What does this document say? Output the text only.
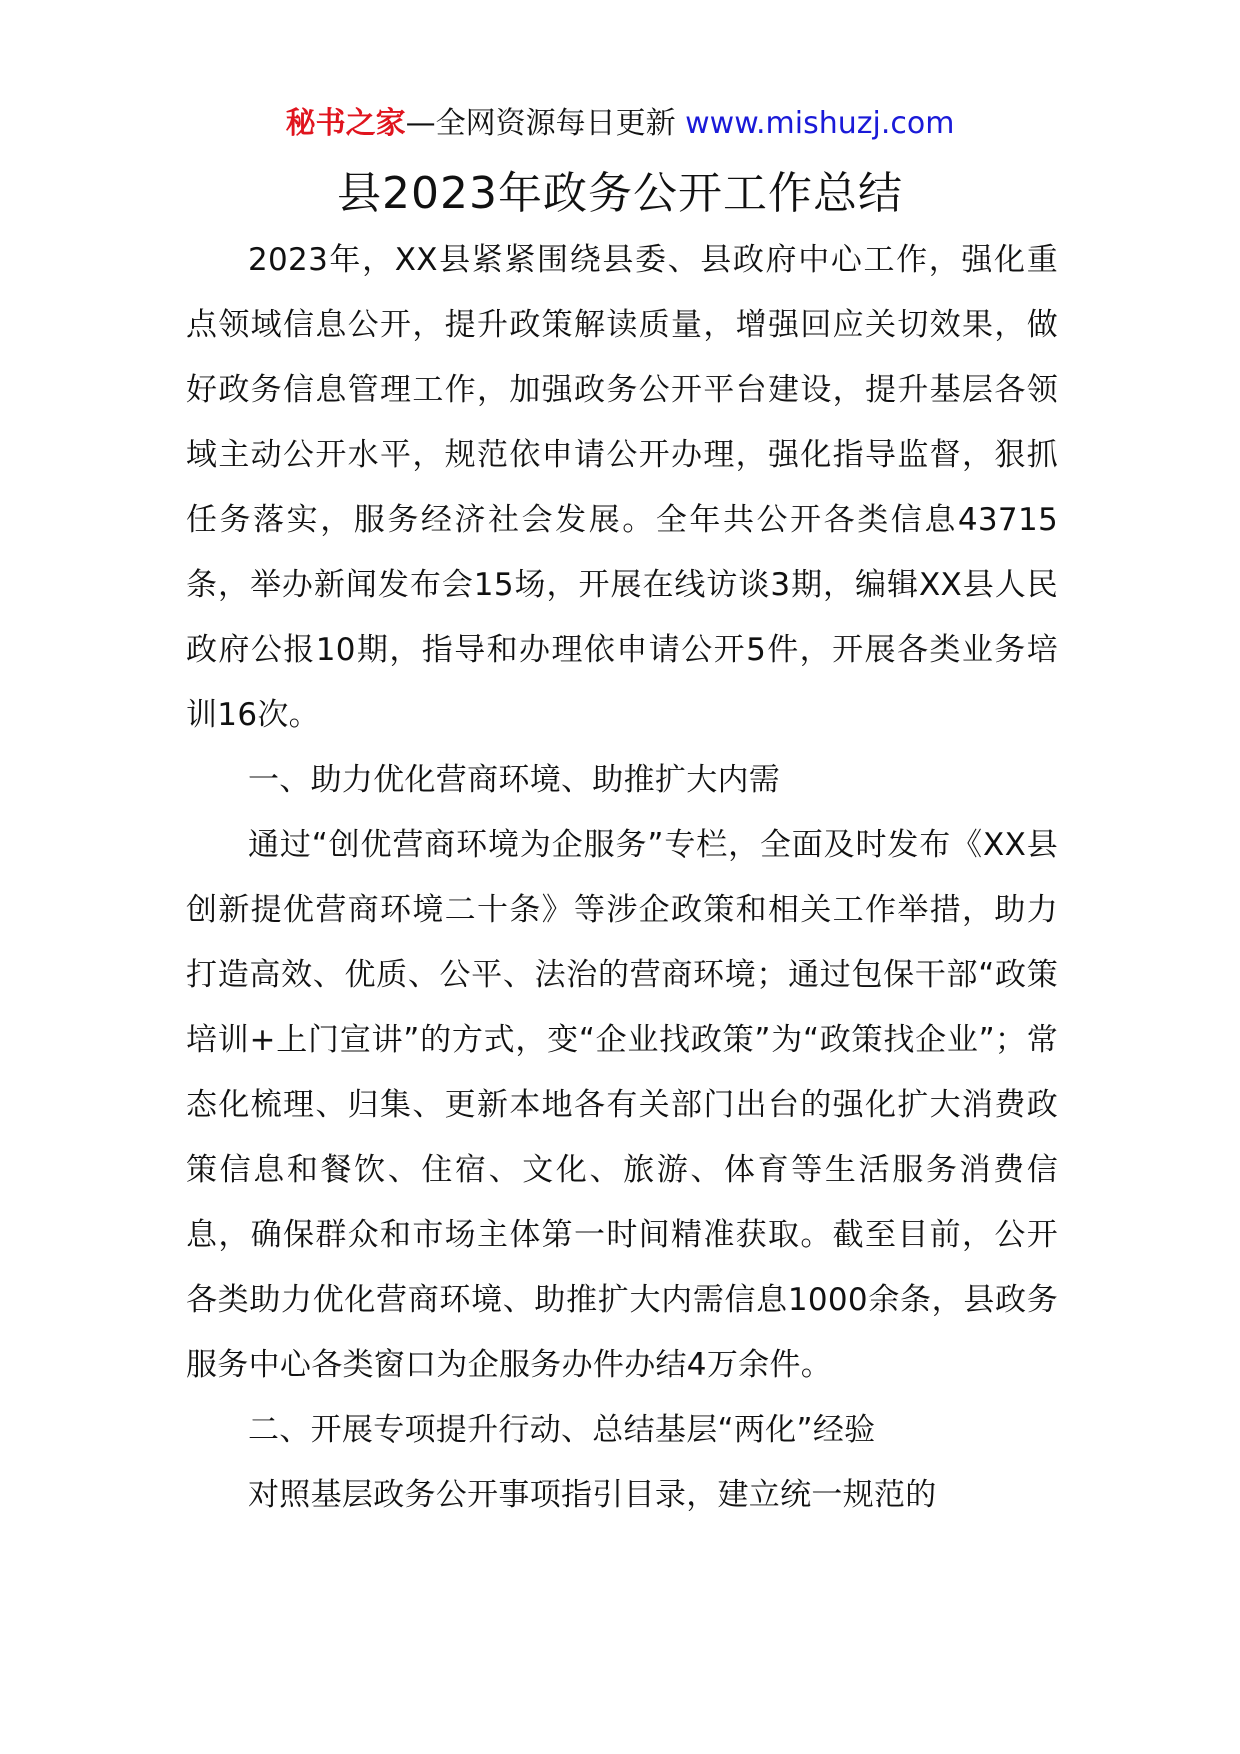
秘书之家—全网资源每日更新 www.mishuzj.com
县2023年政务公开工作总结

2023年，XX县紧紧围绕县委、县政府中心工作，强化重点领域信息公开，提升政策解读质量，增强回应关切效果，做好政务信息管理工作，加强政务公开平台建设，提升基层各领域主动公开水平，规范依申请公开办理，强化指导监督，狠抓任务落实，服务经济社会发展。全年共公开各类信息43715条，举办新闻发布会15场，开展在线访谈3期，编辑XX县人民政府公报10期，指导和办理依申请公开5件，开展各类业务培训16次。

一、助力优化营商环境、助推扩大内需

通过“创优营商环境为企服务”专栏，全面及时发布《XX县创新提优营商环境二十条》等涉企政策和相关工作举措，助力打造高效、优质、公平、法治的营商环境；通过包保干部“政策培训+上门宣讲”的方式，变“企业找政策”为“政策找企业”；常态化梳理、归集、更新本地各有关部门出台的强化扩大消费政策信息和餐饮、住宿、文化、旅游、体育等生活服务消费信息，确保群众和市场主体第一时间精准获取。截至目前，公开各类助力优化营商环境、助推扩大内需信息1000余条，县政务服务中心各类窗口为企服务办件办结4万余件。

二、开展专项提升行动、总结基层“两化”经验

对照基层政务公开事项指引目录，建立统一规范的
